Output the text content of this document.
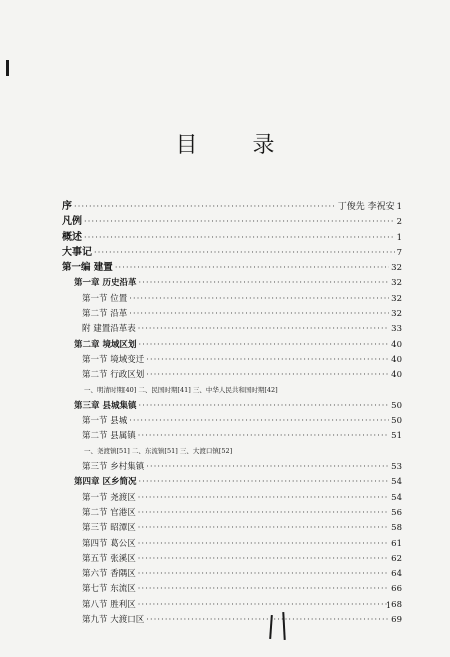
目 录
序 ·····	丁俊先 李祝安 1
凡例 ·····	2
概述 ·····	1
大事记 ·····	7
第一编 建置 ·····	32
第一章 历史沿革 ·····	32
第一节 位置 ·····	32
第二节 沿革 ·····	32
附 建置沿革表 ·····	33
第二章 境域区划 ·····	40
第一节 境域变迁 ·····	40
第二节 行政区划 ·····	40
一、明清时期[40] 二、民国时期[41] 三、中华人民共和国时期[42]
第三章 县城集镇 ·····	50
第一节 县城 ·····	50
第二节 县属镇 ·····	51
一、尧渡镇[51] 二、东流镇[51] 三、大渡口镇[52]
第三节 乡村集镇 ·····	53
第四章 区乡简况 ·····	54
第一节 尧渡区 ·····	54
第二节 官港区 ·····	56
第三节 昭潭区 ·····	58
第四节 葛公区 ·····	61
第五节 张溪区 ·····	62
第六节 香隅区 ·····	64
第七节 东流区 ·····	66
第八节 胜利区 ·····	68
第九节 大渡口区 ·····	69
1
